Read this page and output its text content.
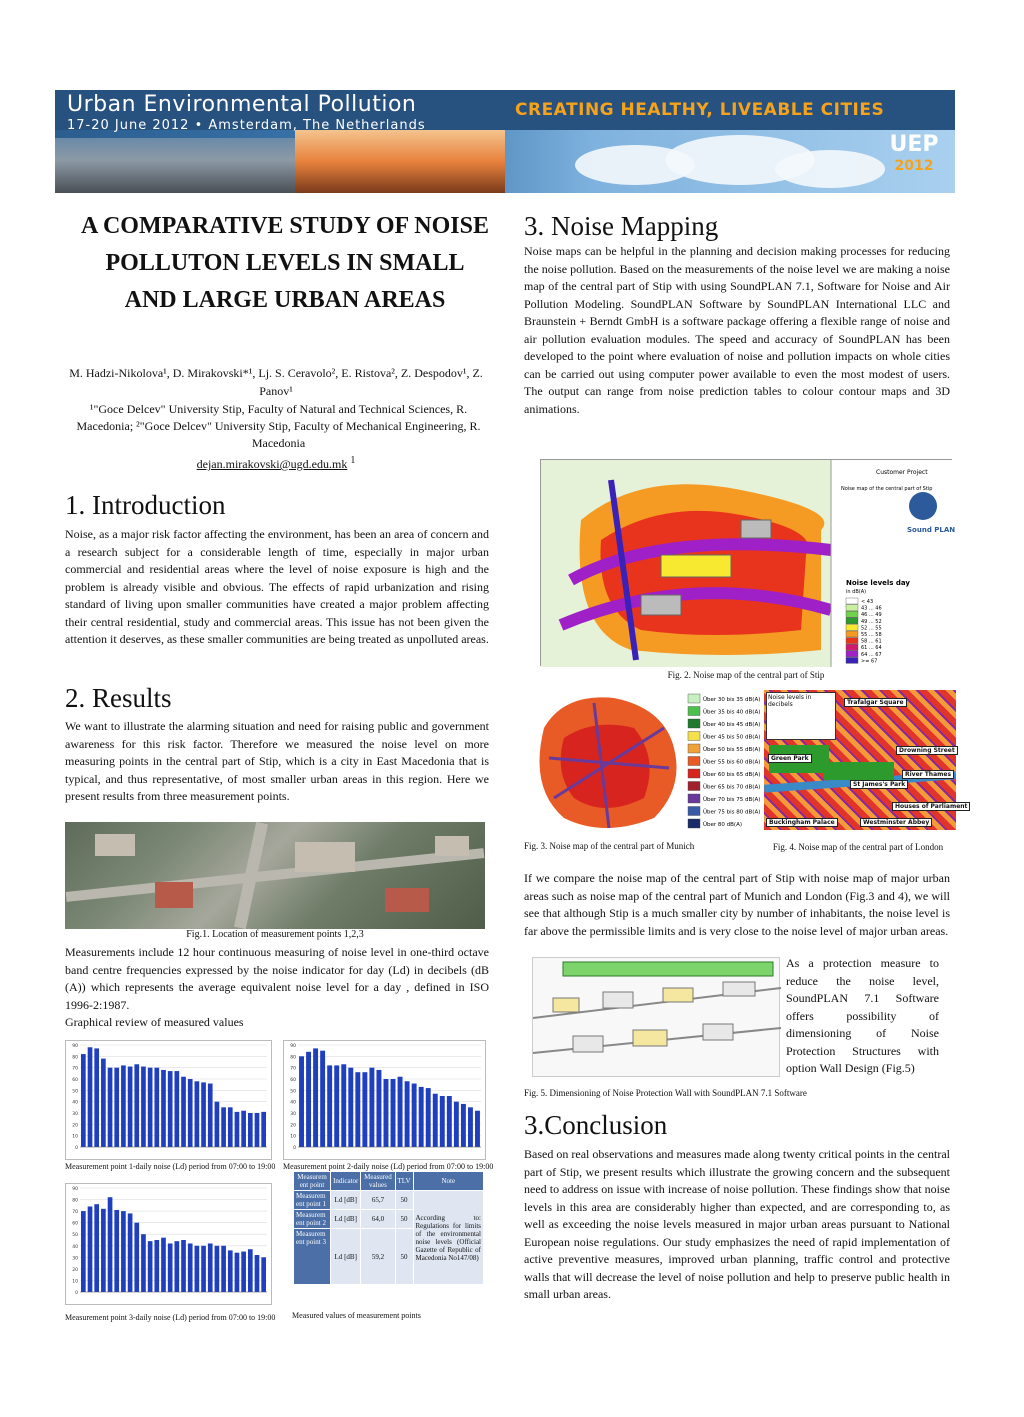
Urban Environmental Pollution
17-20 June 2012 • Amsterdam, The Netherlands
CREATING HEALTHY, LIVEABLE CITIES
UEP
2012
A COMPARATIVE STUDY OF NOISE POLLUTON LEVELS IN SMALL AND LARGE URBAN AREAS
M. Hadzi-Nikolova¹, D. Mirakovski*¹, Lj. S. Ceravolo², E. Ristova², Z. Despodov¹, Z. Panov¹
¹"Goce Delcev" University Stip, Faculty of Natural and Technical Sciences, R. Macedonia; ²"Goce Delcev" University Stip, Faculty of Mechanical Engineering, R. Macedonia
dejan.mirakovski@ugd.edu.mk $^1$
1. Introduction
Noise, as a major risk factor affecting the environment, has been an area of concern and a research subject for a considerable length of time, especially in major urban commercial and residential areas where the level of noise exposure is high and the problem is already visible and obvious. The effects of rapid urbanization and rising standard of living upon smaller communities have created a major problem affecting their central residential, study and commercial areas. This issue has not been given the attention it deserves, as these smaller communities are being treated as unpolluted areas.
2. Results
We want to illustrate the alarming situation and need for raising public and government awareness for this risk factor. Therefore we measured the noise level on more measuring points in the central part of Stip, which is a city in East Macedonia that is typical, and thus representative, of most smaller urban areas in this region. Here we present results from three measurement points.
Fig.1. Location of measurement points 1,2,3
Measurements include 12 hour continuous measuring of noise level in one-third octave band centre frequencies expressed by the noise indicator for day (Ld) in decibels (dB (A)) which represents the average equivalent noise level for a day , defined in ISO 1996-2:1987.
Graphical review of measured values
90
80
70
60
50
40
30
20
10
0
Measurement point 1-daily noise (Ld) period from 07:00 to 19:00
90
80
70
60
50
40
30
20
10
0
Measurement point 2-daily noise (Ld) period from 07:00 to 19:00
90
80
70
60
50
40
30
20
10
0
Measurement point 3-daily noise (Ld) period from 07:00 to 19:00
Measurem ent point	Indicator	Measured values	TLV	Note
Measurem ent point 1	Ld [dB]	65,7	50	According to: Regulations for limits of the environmental noise levels (Official Gazette of Republic of Macedonia No147/08)
Measurem ent point 2	Ld [dB]	64,0	50	
Measurem ent point 3	Ld [dB]	59,2	50	
Measured values of measurement points
3. Noise Mapping
Noise maps can be helpful in the planning and decision making processes for reducing the noise pollution. Based on the measurements of the noise level we are making a noise map of the central part of Stip with using SoundPLAN 7.1, Software for Noise and Air Pollution Modeling. SoundPLAN Software by SoundPLAN International LLC and Braunstein + Berndt GmbH is a software package offering a flexible range of noise and air pollution evaluation modules. The speed and accuracy of SoundPLAN has been developed to the point where evaluation of noise and pollution impacts on whole cities can be carried out using computer power available to even the most modest of users. The output can range from noise prediction tables to colour contour maps and 3D animations.
Customer Project
Noise map of the central part of Stip
Sound PLAN
Noise levels day
in dB(A)
< 43
43 ... 46
46 ... 49
49 ... 52
52 ... 55
55 ... 58
58 ... 61
61 ... 64
64 ... 67
>= 67
Fig. 2. Noise map of the central part of Stip
Über 30 bis 35 dB(A)
Über 35 bis 40 dB(A)
Über 40 bis 45 dB(A)
Über 45 bis 50 dB(A)
Über 50 bis 55 dB(A)
Über 55 bis 60 dB(A)
Über 60 bis 65 dB(A)
Über 65 bis 70 dB(A)
Über 70 bis 75 dB(A)
Über 75 bis 80 dB(A)
Über 80 dB(A)
Noise levels in decibels	Trafalgar Square
Drowning Street
Green Park
St James's Park
River Thames
Houses of Parliament
Buckingham Palace	Westminster Abbey
Fig. 3. Noise map of the central part of Munich	Fig. 4. Noise map of the central part of London
If we compare the noise map of the central part of Stip with noise map of major urban areas such as noise map of the central part of Munich and London (Fig.3 and 4), we will see that although Stip is a much smaller city by number of inhabitants, the noise level is far above the permissible limits and is very close to the noise level of major urban areas.
As a protection measure to reduce the noise level, SoundPLAN 7.1 Software offers possibility of dimensioning of Noise Protection Structures with option Wall Design (Fig.5)
Fig. 5. Dimensioning of Noise Protection Wall with SoundPLAN 7.1 Software
3.Conclusion
Based on real observations and measures made along twenty critical points in the central part of Stip, we present results which illustrate the growing concern and the subsequent need to address on issue with increase of noise pollution. These findings show that noise levels in this area are considerably higher than expected, and are corresponding to, as well as exceeding the noise levels measured in major urban areas pursuant to National European noise regulations. Our study emphasizes the need of rapid implementation of active preventive measures, improved urban planning, traffic control and protective walls that will decrease the level of noise pollution and help to preserve public health in small urban areas.
